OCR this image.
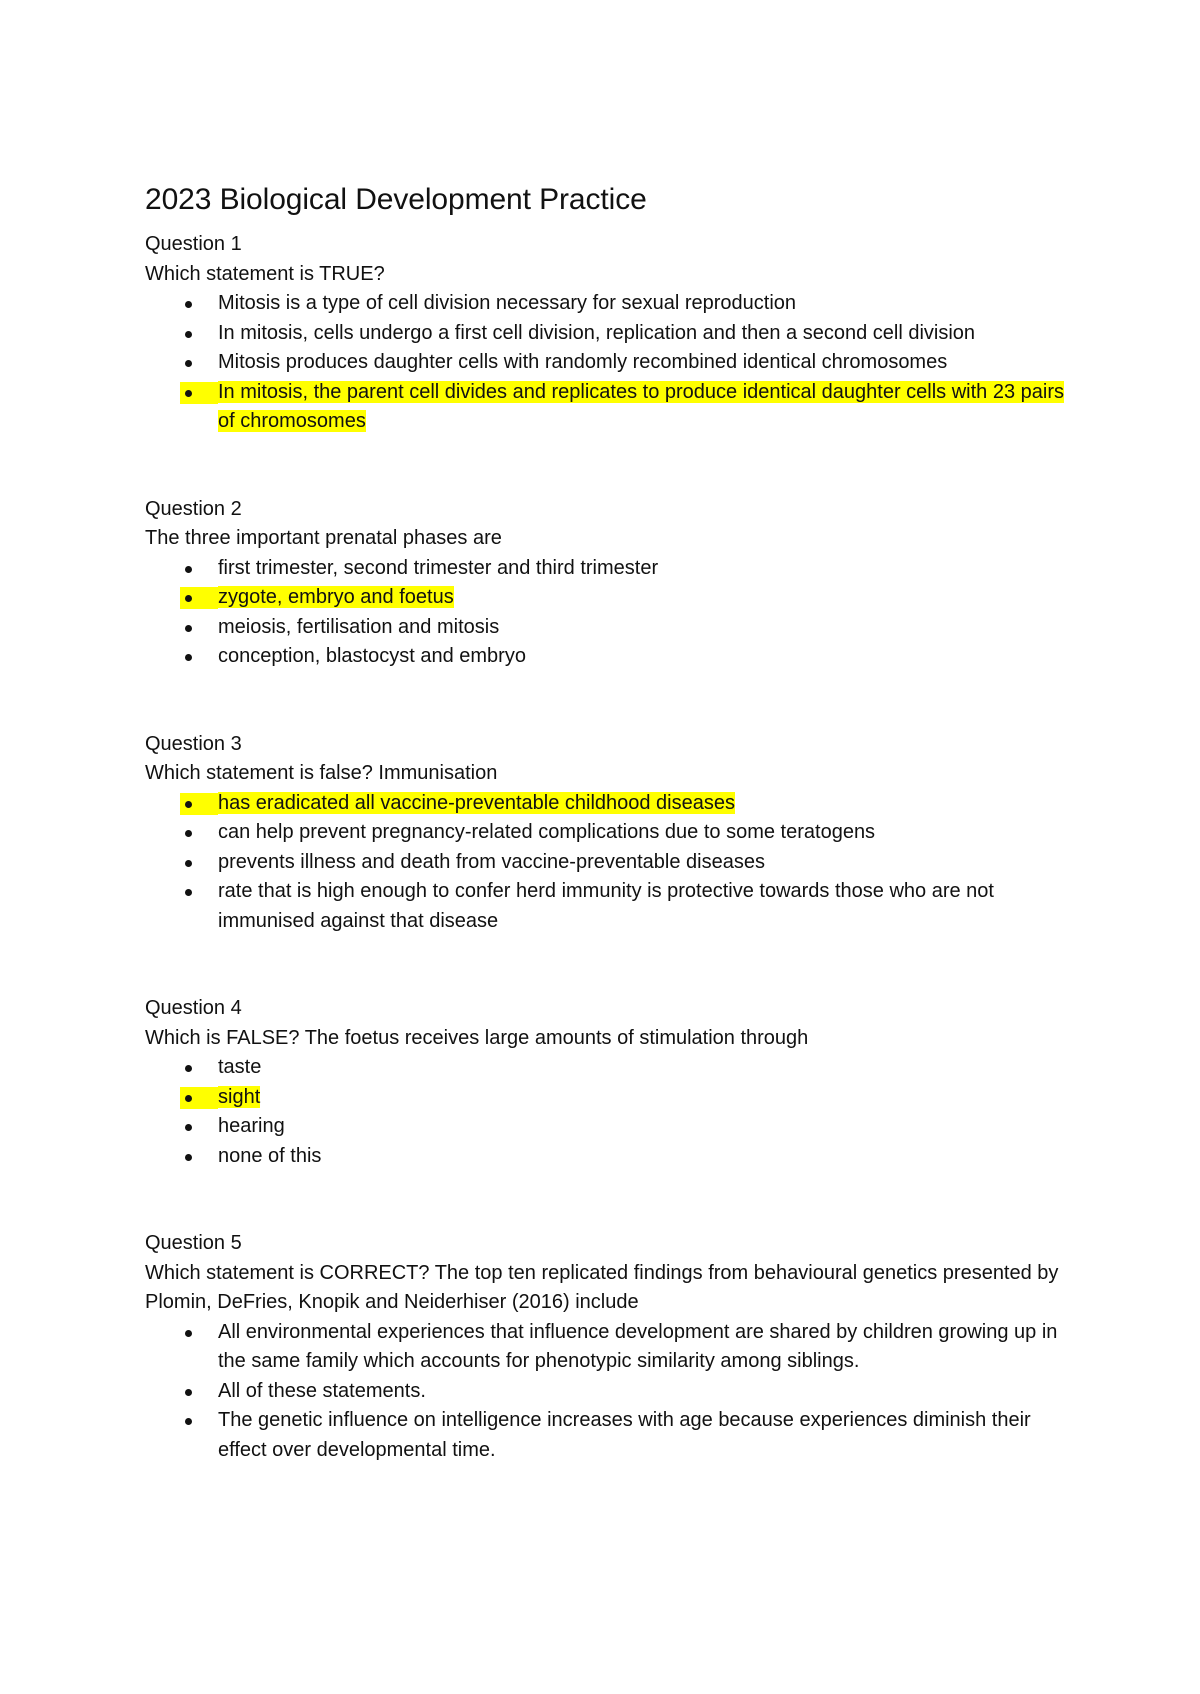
2023 Biological Development Practice

Question 1

Which statement is TRUE?

Mitosis is a type of cell division necessary for sexual reproduction
In mitosis, cells undergo a first cell division, replication and then a second cell division
Mitosis produces daughter cells with randomly recombined identical chromosomes
In mitosis, the parent cell divides and replicates to produce identical daughter cells with 23 pairs of chromosomes

Question 2

The three important prenatal phases are

first trimester, second trimester and third trimester
zygote, embryo and foetus
meiosis, fertilisation and mitosis
conception, blastocyst and embryo

Question 3

Which statement is false? Immunisation

has eradicated all vaccine-preventable childhood diseases
can help prevent pregnancy-related complications due to some teratogens
prevents illness and death from vaccine-preventable diseases
rate that is high enough to confer herd immunity is protective towards those who are not immunised against that disease

Question 4

Which is FALSE? The foetus receives large amounts of stimulation through

taste
sight
hearing
none of this

Question 5

Which statement is CORRECT? The top ten replicated findings from behavioural genetics presented by Plomin, DeFries, Knopik and Neiderhiser (2016) include

All environmental experiences that influence development are shared by children growing up in the same family which accounts for phenotypic similarity among siblings.
All of these statements.
The genetic influence on intelligence increases with age because experiences diminish their effect over developmental time.
